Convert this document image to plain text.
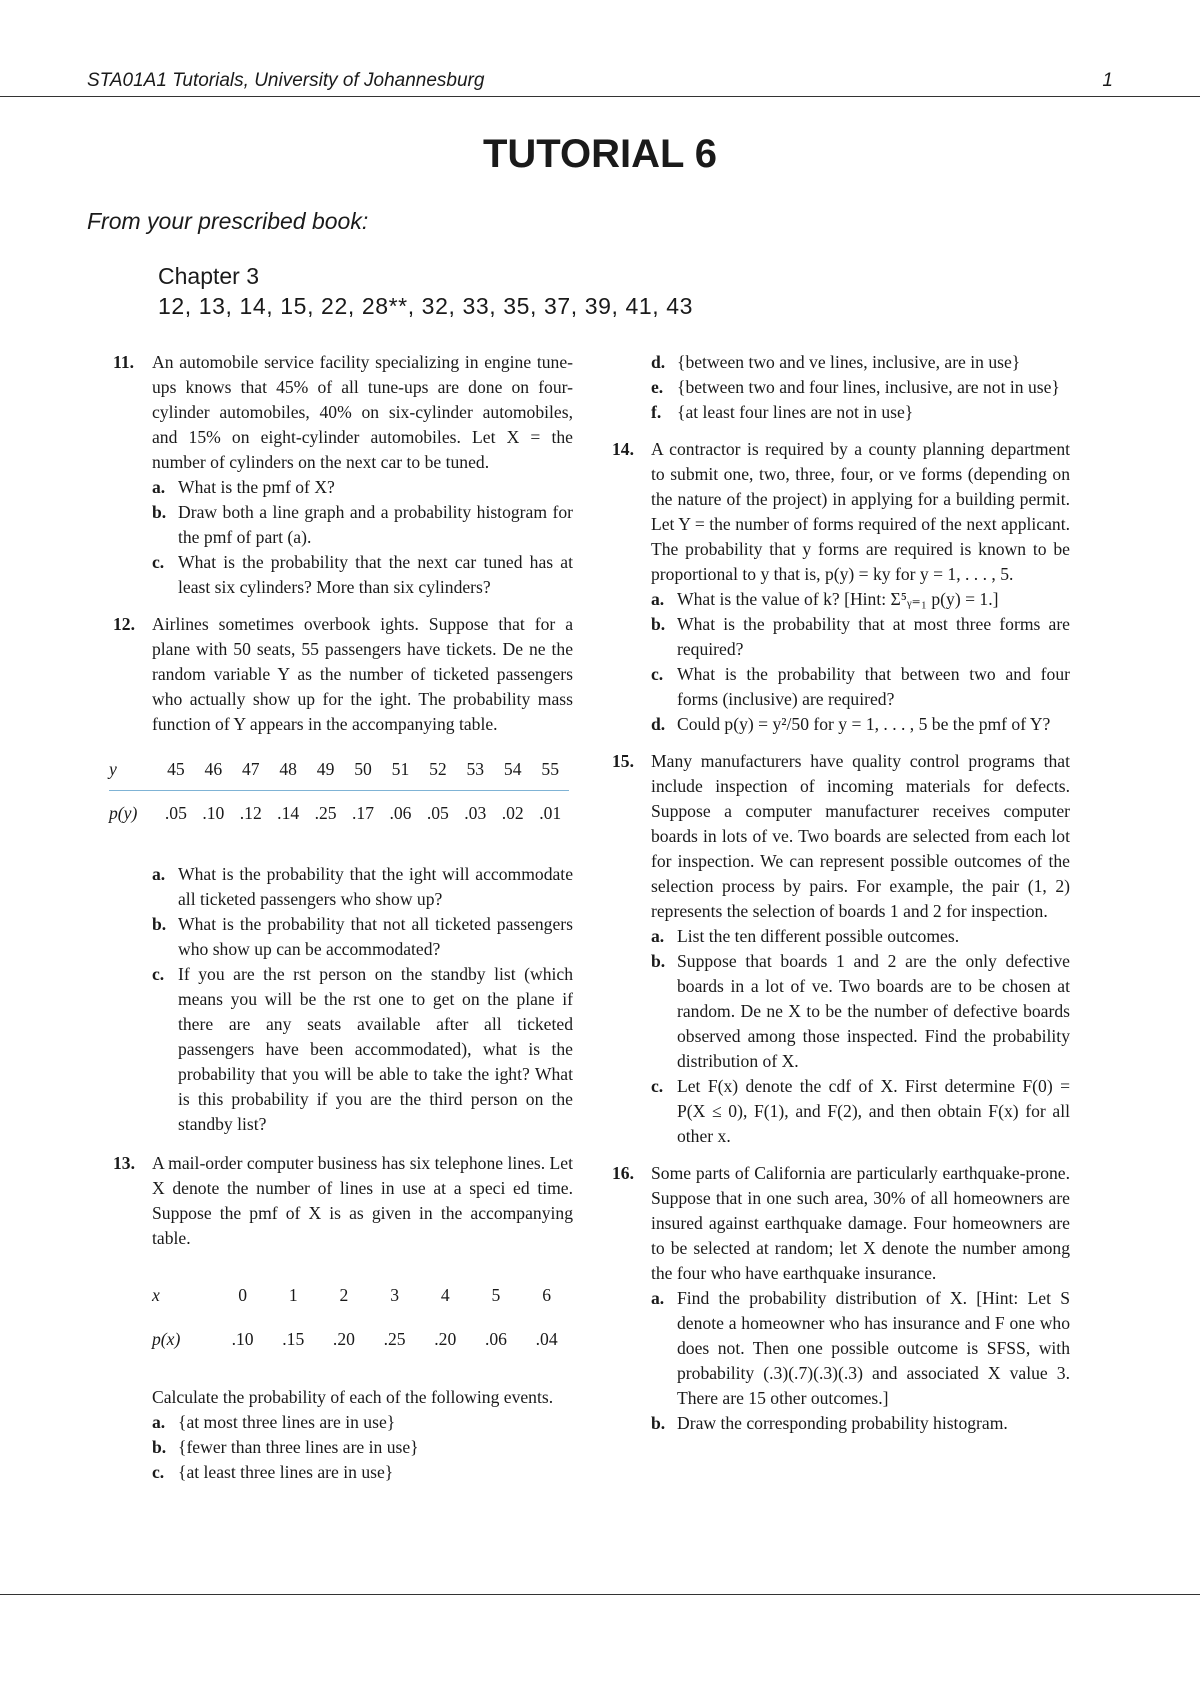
STA01A1 Tutorials, University of Johannesburg	1
TUTORIAL 6
From your prescribed book:
Chapter 3
12, 13, 14, 15, 22, 28**, 32, 33, 35, 37, 39, 41, 43
11. An automobile service facility specializing in engine tune-ups knows that 45% of all tune-ups are done on four-cylinder automobiles, 40% on six-cylinder automobiles, and 15% on eight-cylinder automobiles. Let X = the number of cylinders on the next car to be tuned.
a. What is the pmf of X?
b. Draw both a line graph and a probability histogram for the pmf of part (a).
c. What is the probability that the next car tuned has at least six cylinders? More than six cylinders?
12. Airlines sometimes overbook ights. Suppose that for a plane with 50 seats, 55 passengers have tickets. De ne the random variable Y as the number of ticketed passengers who actually show up for the ight. The probability mass function of Y appears in the accompanying table.
y	45	46	47	48	49	50	51	52	53	54	55
p(y)	.05	.10	.12	.14	.25	.17	.06	.05	.03	.02	.01
a. What is the probability that the ight will accommodate all ticketed passengers who show up?
b. What is the probability that not all ticketed passengers who show up can be accommodated?
c. If you are the rst person on the standby list (which means you will be the rst one to get on the plane if there are any seats available after all ticketed passengers have been accommodated), what is the probability that you will be able to take the ight? What is this probability if you are the third person on the standby list?
13. A mail-order computer business has six telephone lines. Let X denote the number of lines in use at a speci ed time. Suppose the pmf of X is as given in the accompanying table.
x	0	1	2	3	4	5	6
p(x)	.10	.15	.20	.25	.20	.06	.04
Calculate the probability of each of the following events.
a. {at most three lines are in use}
b. {fewer than three lines are in use}
c. {at least three lines are in use}
d. {between two and ve lines, inclusive, are in use}
e. {between two and four lines, inclusive, are not in use}
f. {at least four lines are not in use}
14. A contractor is required by a county planning department to submit one, two, three, four, or ve forms (depending on the nature of the project) in applying for a building permit. Let Y = the number of forms required of the next applicant. The probability that y forms are required is known to be proportional to y that is, p(y) = ky for y = 1, . . . , 5.
a. What is the value of k? [Hint: Σ⁵ᵧ₌₁ p(y) = 1.]
b. What is the probability that at most three forms are required?
c. What is the probability that between two and four forms (inclusive) are required?
d. Could p(y) = y²/50 for y = 1, . . . , 5 be the pmf of Y?
15. Many manufacturers have quality control programs that include inspection of incoming materials for defects. Suppose a computer manufacturer receives computer boards in lots of ve. Two boards are selected from each lot for inspection. We can represent possible outcomes of the selection process by pairs. For example, the pair (1, 2) represents the selection of boards 1 and 2 for inspection.
a. List the ten different possible outcomes.
b. Suppose that boards 1 and 2 are the only defective boards in a lot of ve. Two boards are to be chosen at random. De ne X to be the number of defective boards observed among those inspected. Find the probability distribution of X.
c. Let F(x) denote the cdf of X. First determine F(0) = P(X ≤ 0), F(1), and F(2), and then obtain F(x) for all other x.
16. Some parts of California are particularly earthquake-prone. Suppose that in one such area, 30% of all homeowners are insured against earthquake damage. Four homeowners are to be selected at random; let X denote the number among the four who have earthquake insurance.
a. Find the probability distribution of X. [Hint: Let S denote a homeowner who has insurance and F one who does not. Then one possible outcome is SFSS, with probability (.3)(.7)(.3)(.3) and associated X value 3. There are 15 other outcomes.]
b. Draw the corresponding probability histogram.
